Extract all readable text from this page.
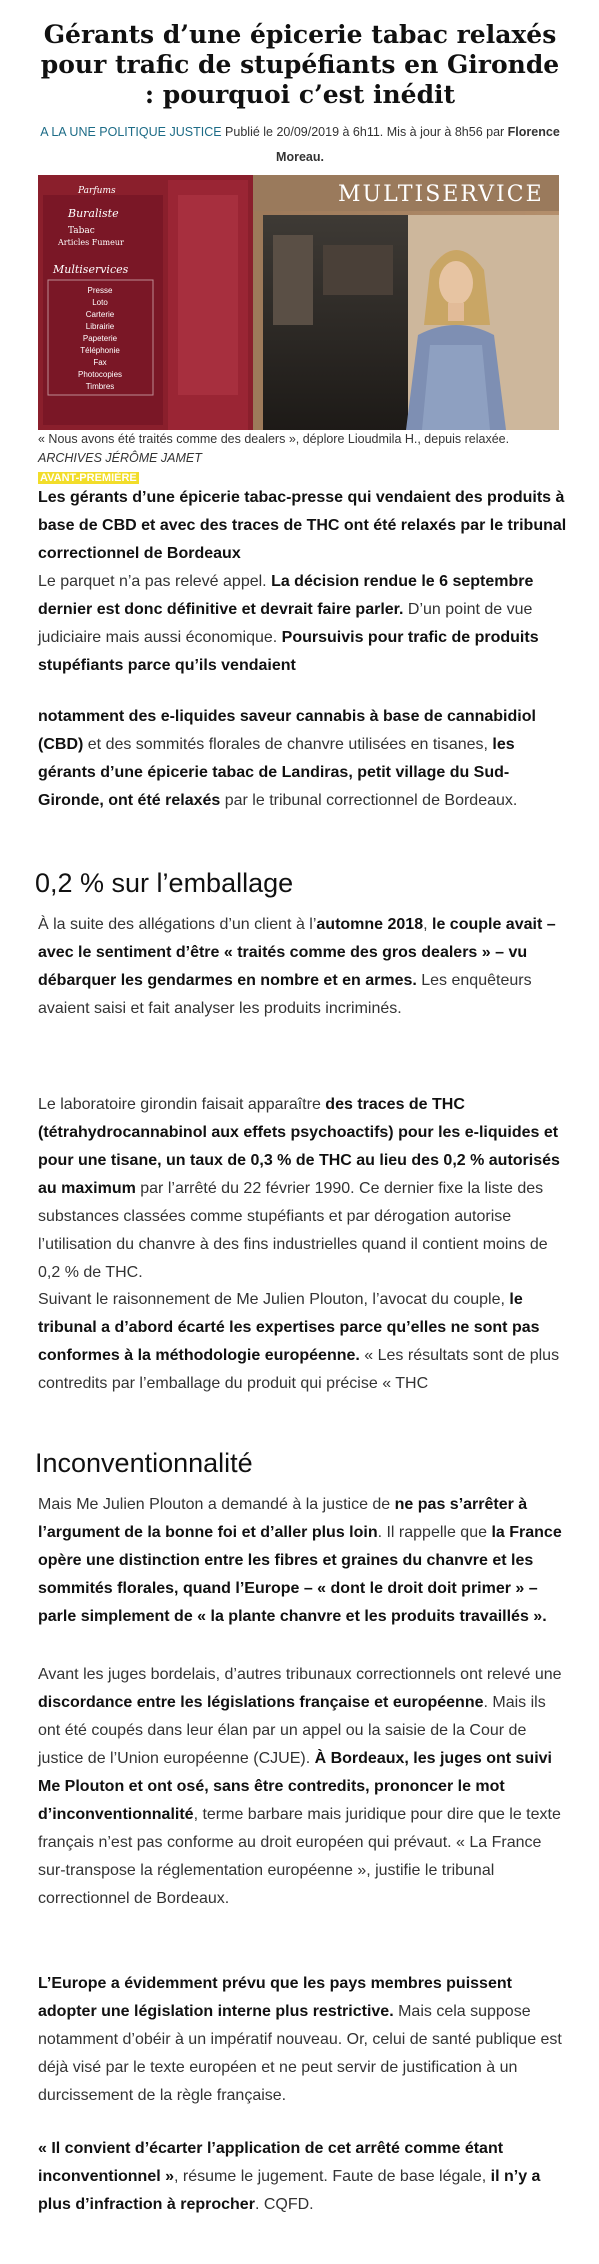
Gérants d’une épicerie tabac relaxés pour trafic de stupéfiants en Gironde : pourquoi c’est inédit
A LA UNE POLITIQUE JUSTICE Publié le 20/09/2019 à 6h11. Mis à jour à 8h56 par Florence Moreau.
MULTISERVICE
Parfums
Buraliste
Tabac
Articles Fumeur
Multiservices
Presse
Loto
Carterie
Librairie
Papeterie
Téléphonie
Fax
Photocopies
Timbres
« Nous avons été traités comme des dealers », déplore Lioudmila H., depuis relaxée. ARCHIVES JÉRÔME JAMET
AVANT-PREMIÈRE

Les gérants d’une épicerie tabac-presse qui vendaient des produits à base de CBD et avec des traces de THC ont été relaxés par le tribunal correctionnel de Bordeaux

Le parquet n’a pas relevé appel. La décision rendue le 6 septembre dernier est donc définitive et devrait faire parler. D’un point de vue judiciaire mais aussi économique. Poursuivis pour trafic de produits stupéfiants parce qu’ils vendaient

notamment des e-liquides saveur cannabis à base de cannabidiol (CBD) et des sommités florales de chanvre utilisées en tisanes, les gérants d’une épicerie tabac de Landiras, petit village du Sud-Gironde, ont été relaxés par le tribunal correctionnel de Bordeaux.

0,2 % sur l’emballage

À la suite des allégations d’un client à l’automne 2018, le couple avait – avec le sentiment d’être « traités comme des gros dealers » – vu débarquer les gendarmes en nombre et en armes. Les enquêteurs avaient saisi et fait analyser les produits incriminés.

Le laboratoire girondin faisait apparaître des traces de THC (tétrahydrocannabinol aux effets psychoactifs) pour les e-liquides et pour une tisane, un taux de 0,3 % de THC au lieu des 0,2 % autorisés au maximum par l’arrêté du 22 février 1990. Ce dernier fixe la liste des substances classées comme stupéfiants et par dérogation autorise l’utilisation du chanvre à des fins industrielles quand il contient moins de 0,2 % de THC.

Suivant le raisonnement de Me Julien Plouton, l’avocat du couple, le tribunal a d’abord écarté les expertises parce qu’elles ne sont pas conformes à la méthodologie européenne. « Les résultats sont de plus contredits par l’emballage du produit qui précise « THC

Inconventionnalité

Mais Me Julien Plouton a demandé à la justice de ne pas s’arrêter à l’argument de la bonne foi et d’aller plus loin. Il rappelle que la France opère une distinction entre les fibres et graines du chanvre et les sommités florales, quand l’Europe – « dont le droit doit primer » – parle simplement de « la plante chanvre et les produits travaillés ».

Avant les juges bordelais, d’autres tribunaux correctionnels ont relevé une discordance entre les législations française et européenne. Mais ils ont été coupés dans leur élan par un appel ou la saisie de la Cour de justice de l’Union européenne (CJUE). À Bordeaux, les juges ont suivi Me Plouton et ont osé, sans être contredits, prononcer le mot d’inconventionnalité, terme barbare mais juridique pour dire que le texte français n’est pas conforme au droit européen qui prévaut. « La France sur-transpose la réglementation européenne », justifie le tribunal correctionnel de Bordeaux.

L’Europe a évidemment prévu que les pays membres puissent adopter une législation interne plus restrictive. Mais cela suppose notamment d’obéir à un impératif nouveau. Or, celui de santé publique est déjà visé par le texte européen et ne peut servir de justification à un durcissement de la règle française.

« Il convient d’écarter l’application de cet arrêté comme étant inconventionnel », résume le jugement. Faute de base légale, il n’y a plus d’infraction à reprocher. CQFD.
